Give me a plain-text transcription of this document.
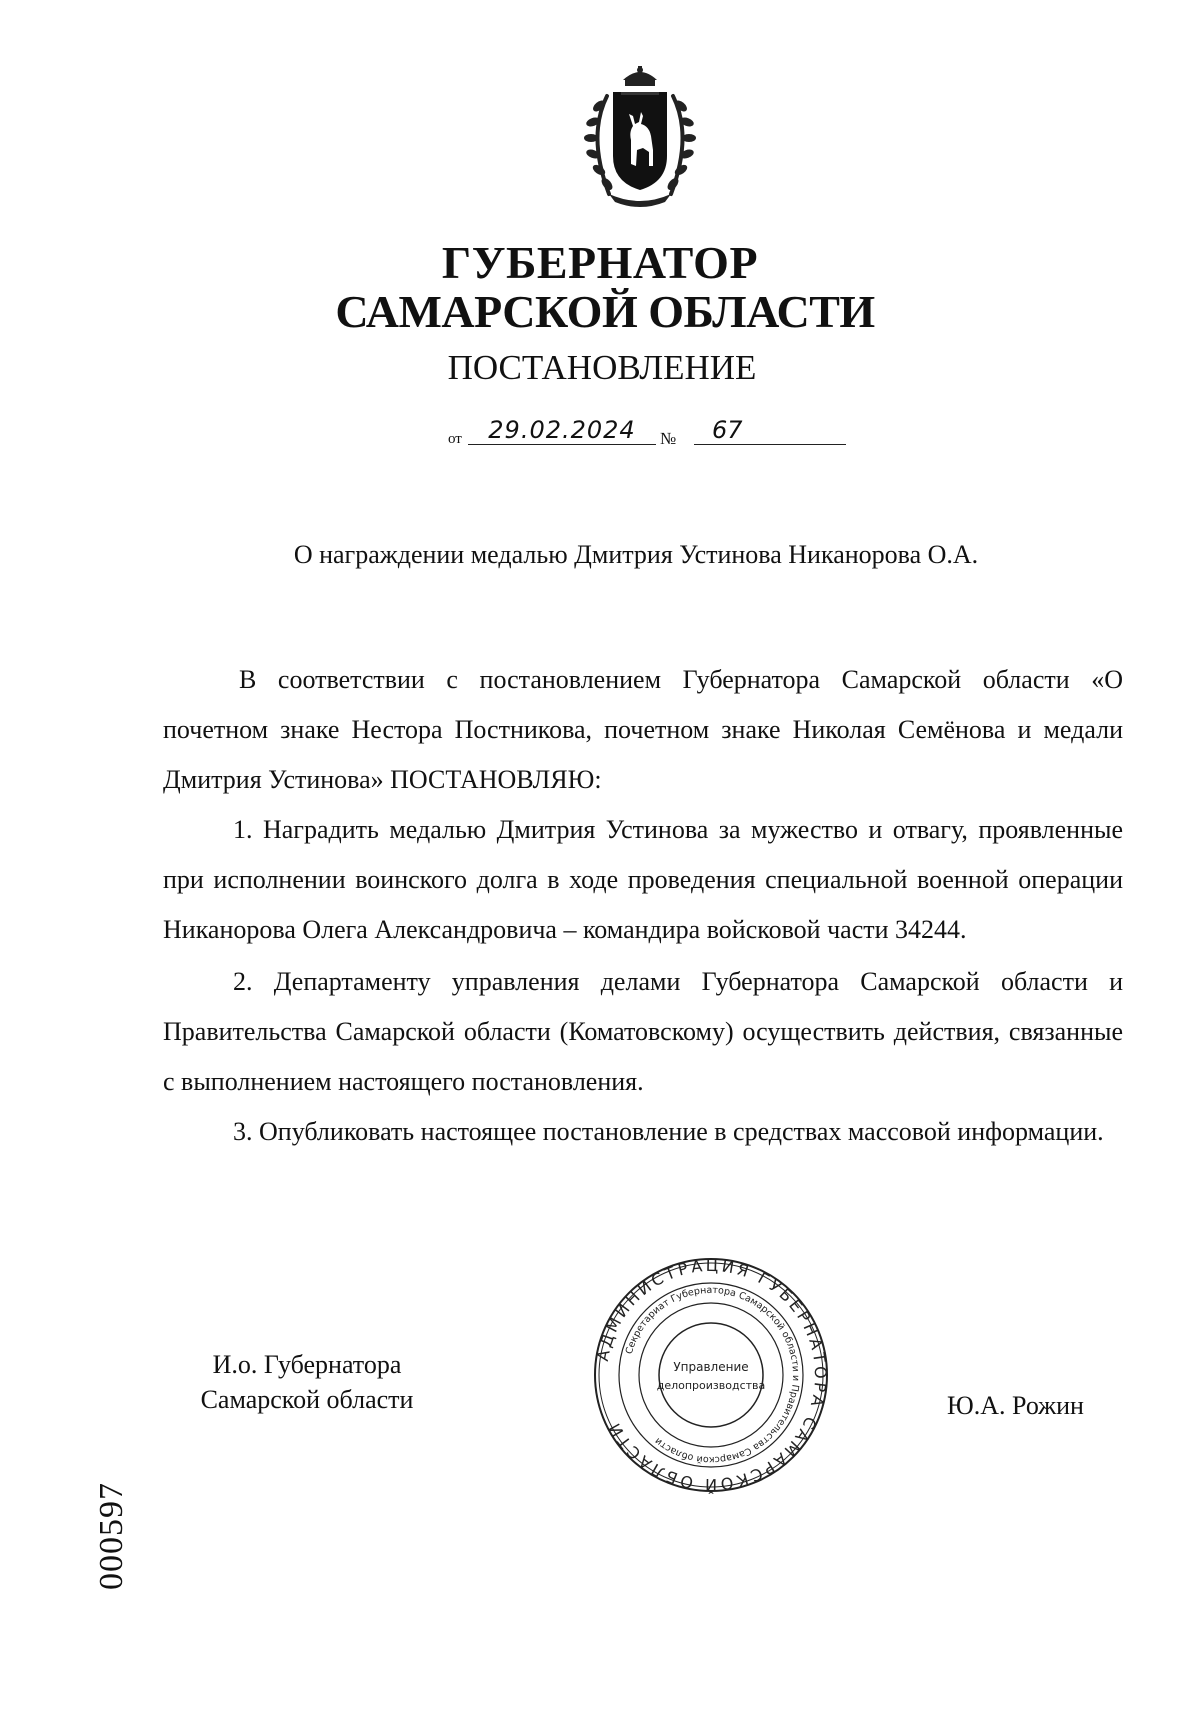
ГУБЕРНАТОР
САМАРСКОЙ ОБЛАСТИ
ПОСТАНОВЛЕНИЕ
от	29.02.2024	№	67
О награждении медалью Дмитрия Устинова Никанорова О.А.

В соответствии с постановлением Губернатора Самарской области «О почетном знаке Нестора Постникова, почетном знаке Николая Семёнова и медали Дмитрия Устинова» ПОСТАНОВЛЯЮ:

1. Наградить медалью Дмитрия Устинова за мужество и отвагу, проявленные при исполнении воинского долга в ходе проведения специальной военной операции Никанорова Олега Александровича – командира войсковой части 34244.

2. Департаменту управления делами Губернатора Самарской области и Правительства Самарской области (Коматовскому) осуществить действия, связанные с выполнением настоящего постановления.

3. Опубликовать настоящее постановление в средствах массовой информации.

И.о. Губернатора
Самарской области
АДМИНИСТРАЦИЯ ГУБЕРНАТОРА САМАРСКОЙ ОБЛАСТИ
Секретариат Губернатора Самарской области и Правительства Самарской области
Управление
делопроизводства
Ю.А. Рожин
000597
